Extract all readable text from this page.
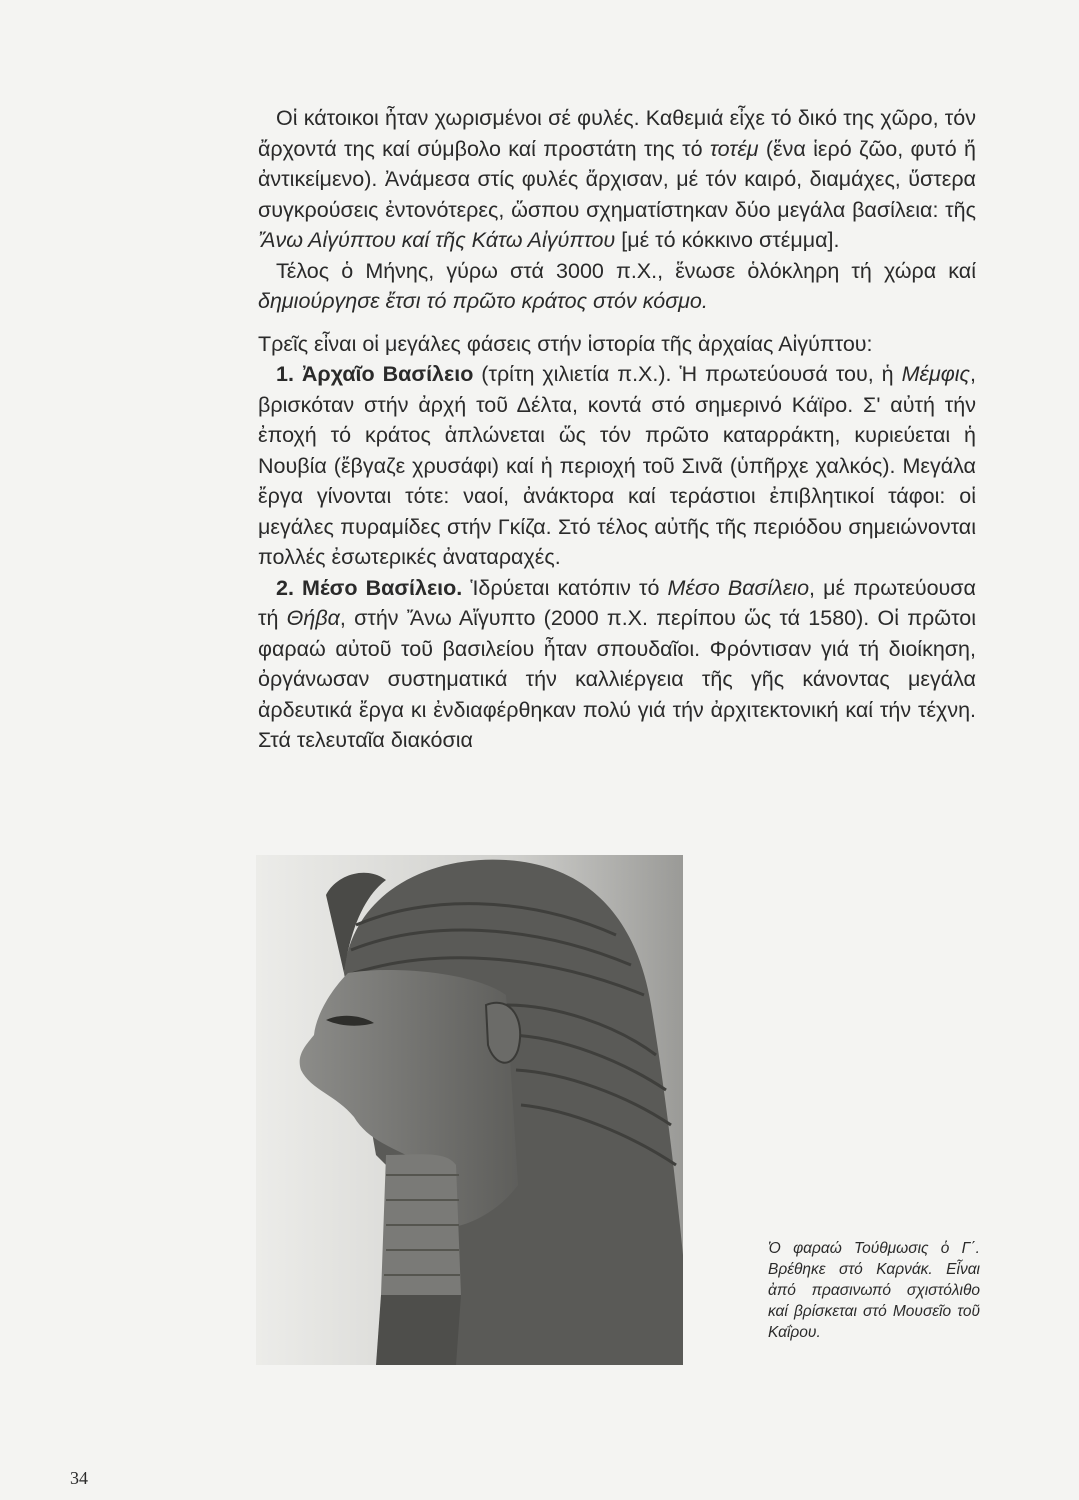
Οἱ κάτοικοι ἦταν χωρισμένοι σέ φυλές. Καθεμιά εἶχε τό δικό της χῶρο, τόν ἄρχοντά της καί σύμβολο καί προστάτη της τό τοτέμ (ἕνα ἱερό ζῶο, φυτό ἤ ἀντικείμενο). Ἀνάμεσα στίς φυλές ἄρχισαν, μέ τόν καιρό, διαμάχες, ὕστερα συγκρούσεις ἐντονότερες, ὥσπου σχηματίστηκαν δύο μεγάλα βασίλεια: τῆς Ἄνω Αἰγύπτου καί τῆς Κάτω Αἰγύπτου [μέ τό κόκκινο στέμμα].

Τέλος ὁ Μήνης, γύρω στά 3000 π.Χ., ἕνωσε ὁλόκληρη τή χώρα καί δημιούργησε ἔτσι τό πρῶτο κράτος στόν κόσμο.

Τρεῖς εἶναι οἱ μεγάλες φάσεις στήν ἱστορία τῆς ἀρχαίας Αἰγύπτου:

1. Ἀρχαῖο Βασίλειο (τρίτη χιλιετία π.Χ.). Ἡ πρωτεύουσά του, ἡ Μέμφις, βρισκόταν στήν ἀρχή τοῦ Δέλτα, κοντά στό σημερινό Κάϊρο. Σ' αὐτή τήν ἐποχή τό κράτος ἁπλώνεται ὥς τόν πρῶτο καταρράκτη, κυριεύεται ἡ Νουβία (ἔβγαζε χρυσάφι) καί ἡ περιοχή τοῦ Σινᾶ (ὑπῆρχε χαλκός). Μεγάλα ἔργα γίνονται τότε: ναοί, ἀνάκτορα καί τεράστιοι ἐπιβλητικοί τάφοι: οἱ μεγάλες πυραμίδες στήν Γκίζα. Στό τέλος αὐτῆς τῆς περιόδου σημειώνονται πολλές ἐσωτερικές ἀναταραχές.

2. Μέσο Βασίλειο. Ἱδρύεται κατόπιν τό Μέσο Βασίλειο, μέ πρωτεύουσα τή Θήβα, στήν Ἄνω Αἴγυπτο (2000 π.Χ. περίπου ὥς τά 1580). Οἱ πρῶτοι φαραώ αὐτοῦ τοῦ βασιλείου ἦταν σπουδαῖοι. Φρόντισαν γιά τή διοίκηση, ὀργάνωσαν συστηματικά τήν καλλιέργεια τῆς γῆς κάνοντας μεγάλα ἀρδευτικά ἔργα κι ἐνδιαφέρθηκαν πολύ γιά τήν ἀρχιτεκτονική καί τήν τέχνη. Στά τελευταῖα διακόσια

Ὁ φαραώ Τούθμωσις ὁ Γ΄. Βρέθηκε στό Καρνάκ. Εἶναι ἀπό πρασινωπό σχιστόλιθο καί βρίσκεται στό Μουσεῖο τοῦ Καΐρου.
34
